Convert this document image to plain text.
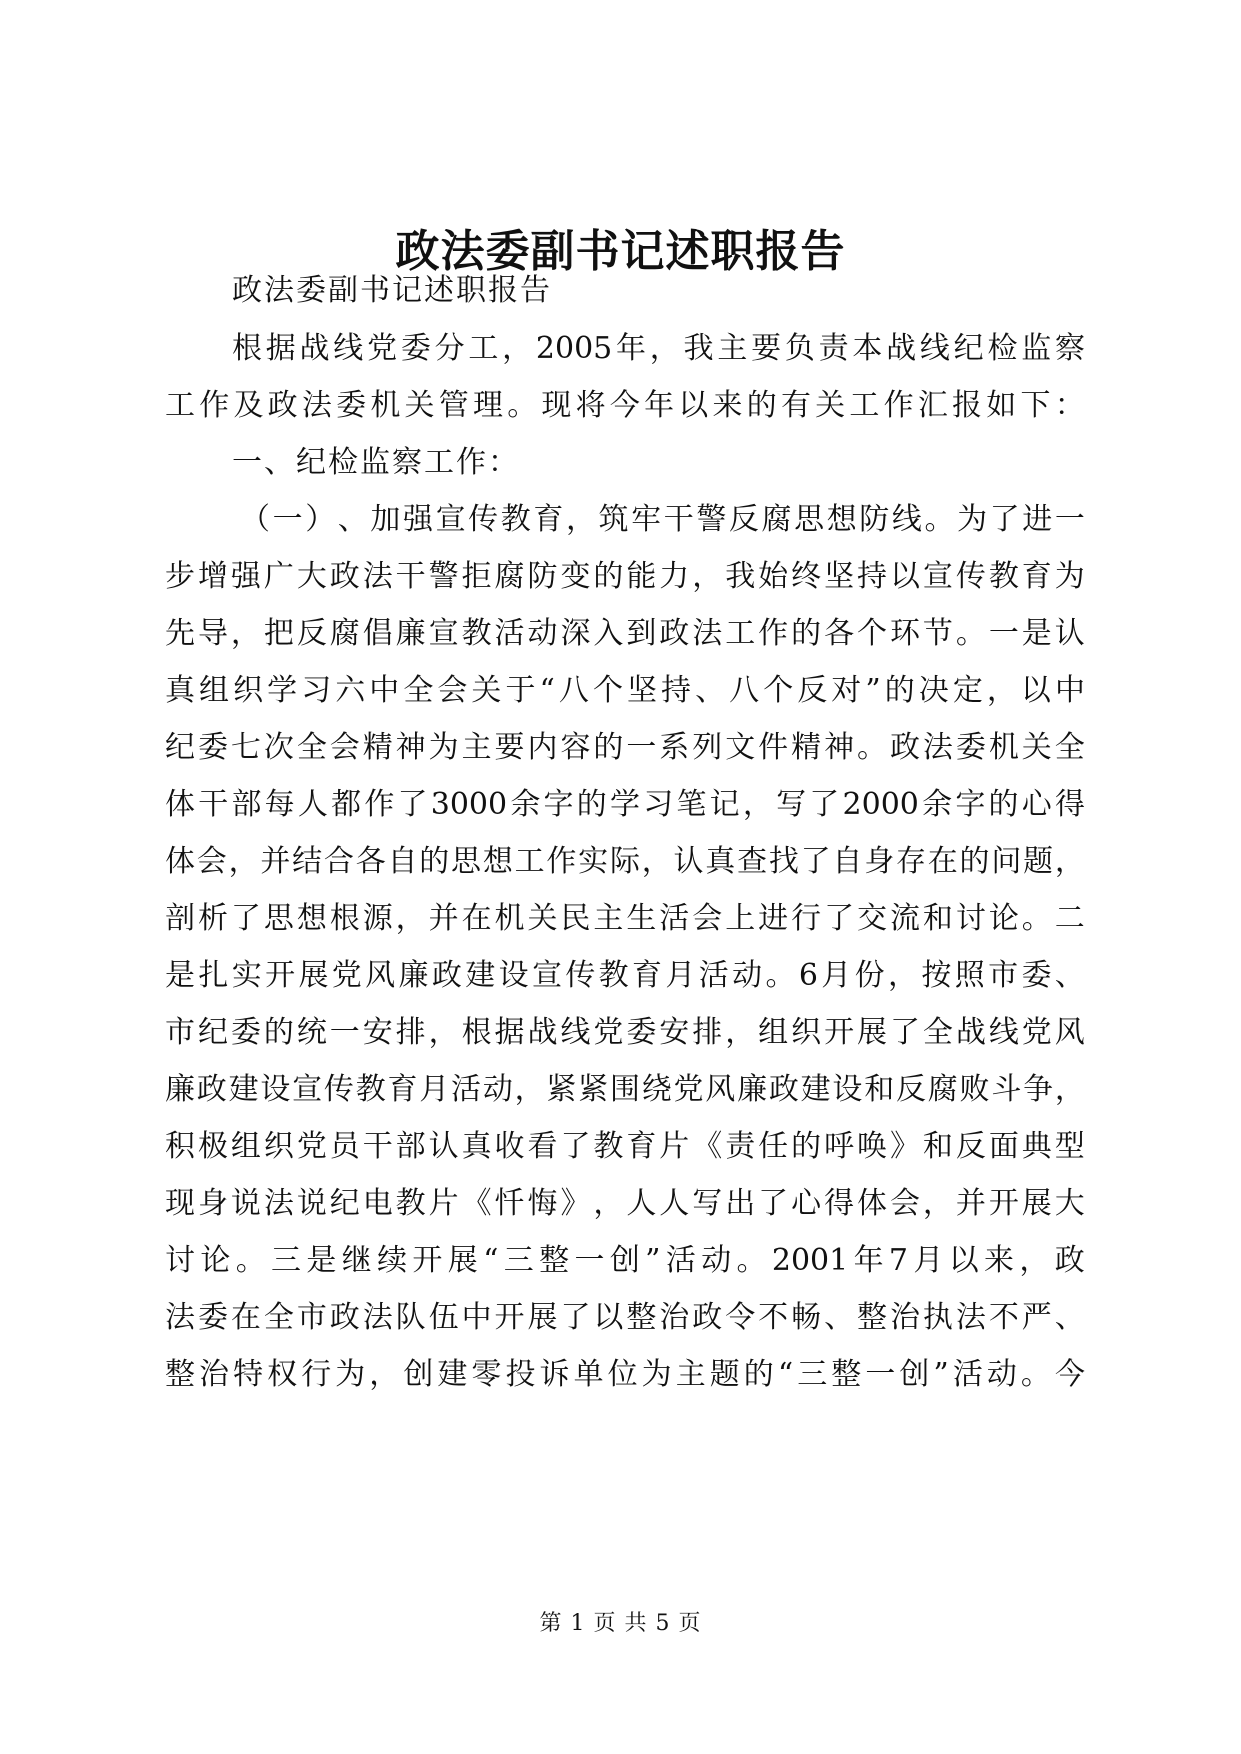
政法委副书记述职报告
政法委副书记述职报告
根 据 战 线 党 委 分 工 ， 2005 年 ， 我 主 要 负 责 本 战 线 纪 检 监 察
工 作 及 政 法 委 机 关 管 理 。 现 将 今 年 以 来 的 有 关 工 作 汇 报 如 下 ：
一、纪检监察工作：
（ 一 ） 、 加 强 宣 传 教 育 ， 筑 牢 干 警 反 腐 思 想 防 线 。 为 了 进 一
步 增 强 广 大 政 法 干 警 拒 腐 防 变 的 能 力 ， 我 始 终 坚 持 以 宣 传 教 育 为
先 导 ， 把 反 腐 倡 廉 宣 教 活 动 深 入 到 政 法 工 作 的 各 个 环 节 。 一 是 认
真 组 织 学 习 六 中 全 会 关 于 “ 八 个 坚 持 、 八 个 反 对 ” 的 决 定 ， 以 中
纪 委 七 次 全 会 精 神 为 主 要 内 容 的 一 系 列 文 件 精 神 。 政 法 委 机 关 全
体 干 部 每 人 都 作 了 3000 余 字 的 学 习 笔 记 ， 写 了 2000 余 字 的 心 得
体 会 ， 并 结 合 各 自 的 思 想 工 作 实 际 ， 认 真 查 找 了 自 身 存 在 的 问 题 ，
剖 析 了 思 想 根 源 ， 并 在 机 关 民 主 生 活 会 上 进 行 了 交 流 和 讨 论 。 二
是 扎 实 开 展 党 风 廉 政 建 设 宣 传 教 育 月 活 动 。 6 月 份 ， 按 照 市 委 、
市 纪 委 的 统 一 安 排 ， 根 据 战 线 党 委 安 排 ， 组 织 开 展 了 全 战 线 党 风
廉 政 建 设 宣 传 教 育 月 活 动 ， 紧 紧 围 绕 党 风 廉 政 建 设 和 反 腐 败 斗 争 ，
积 极 组 织 党 员 干 部 认 真 收 看 了 教 育 片 《 责 任 的 呼 唤 》 和 反 面 典 型
现 身 说 法 说 纪 电 教 片 《 忏 悔 》 ， 人 人 写 出 了 心 得 体 会 ， 并 开 展 大
讨 论 。 三 是 继 续 开 展 “ 三 整 一 创 ” 活 动 。 2001 年 7 月 以 来 ， 政
法 委 在 全 市 政 法 队 伍 中 开 展 了 以 整 治 政 令 不 畅 、 整 治 执 法 不 严 、
整 治 特 权 行 为 ， 创 建 零 投 诉 单 位 为 主 题 的 “ 三 整 一 创 ” 活 动 。 今
第 1 页 共 5 页
